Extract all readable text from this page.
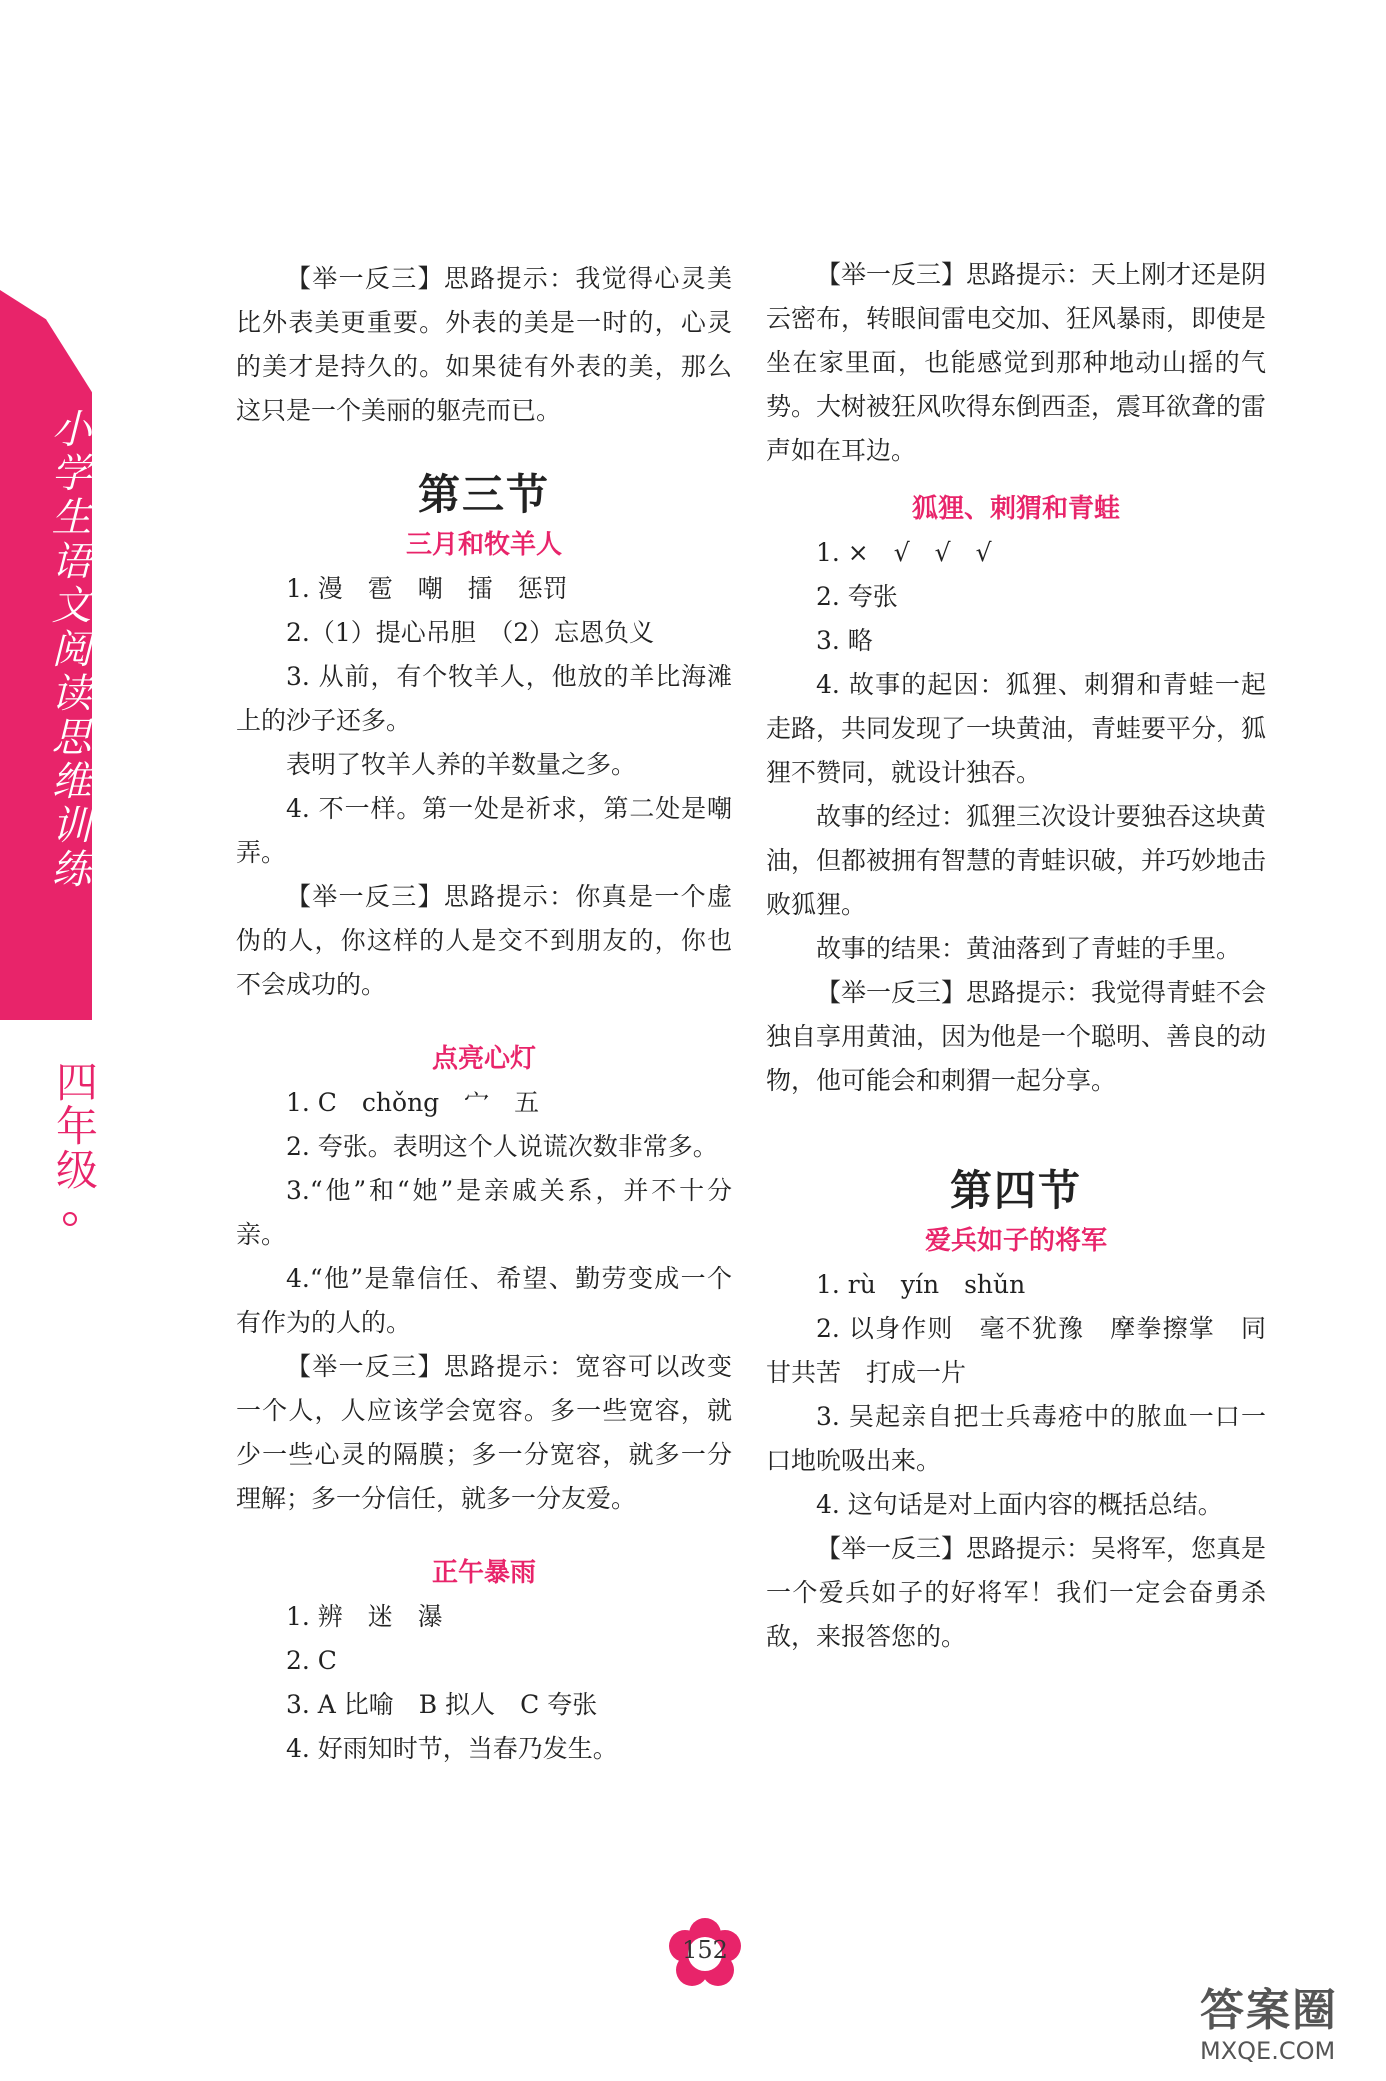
小学生语文阅读思维训练
四年级

【举一反三】思路提示：我觉得心灵美比外表美更重要。外表的美是一时的，心灵的美才是持久的。如果徒有外表的美，那么这只是一个美丽的躯壳而已。

第三节
三月和牧羊人

1. 漫　雹　嘲　擂　惩罚

2.（1）提心吊胆　（2）忘恩负义

3. 从前，有个牧羊人，他放的羊比海滩上的沙子还多。

表明了牧羊人养的羊数量之多。

4. 不一样。第一处是祈求，第二处是嘲弄。

【举一反三】思路提示：你真是一个虚伪的人，你这样的人是交不到朋友的，你也不会成功的。

点亮心灯

1. C　chǒng　宀　五

2. 夸张。表明这个人说谎次数非常多。

3.“他”和“她”是亲戚关系，并不十分亲。

4.“他”是靠信任、希望、勤劳变成一个有作为的人的。

【举一反三】思路提示：宽容可以改变一个人，人应该学会宽容。多一些宽容，就少一些心灵的隔膜；多一分宽容，就多一分理解；多一分信任，就多一分友爱。

正午暴雨

1. 辨　迷　瀑

2. C

3. A 比喻　B 拟人　C 夸张

4. 好雨知时节，当春乃发生。

【举一反三】思路提示：天上刚才还是阴云密布，转眼间雷电交加、狂风暴雨，即使是坐在家里面，也能感觉到那种地动山摇的气势。大树被狂风吹得东倒西歪，震耳欲聋的雷声如在耳边。

狐狸、刺猬和青蛙

1. ×　√　√　√

2. 夸张

3. 略

4. 故事的起因：狐狸、刺猬和青蛙一起走路，共同发现了一块黄油，青蛙要平分，狐狸不赞同，就设计独吞。

故事的经过：狐狸三次设计要独吞这块黄油，但都被拥有智慧的青蛙识破，并巧妙地击败狐狸。

故事的结果：黄油落到了青蛙的手里。

【举一反三】思路提示：我觉得青蛙不会独自享用黄油，因为他是一个聪明、善良的动物，他可能会和刺猬一起分享。

第四节
爱兵如子的将军

1. rù　yín　shǔn

2. 以身作则　毫不犹豫　摩拳擦掌　同甘共苦　打成一片

3. 吴起亲自把士兵毒疮中的脓血一口一口地吮吸出来。

4. 这句话是对上面内容的概括总结。

【举一反三】思路提示：吴将军，您真是一个爱兵如子的好将军！我们一定会奋勇杀敌，来报答您的。

152
答案圈
MXQE.COM
